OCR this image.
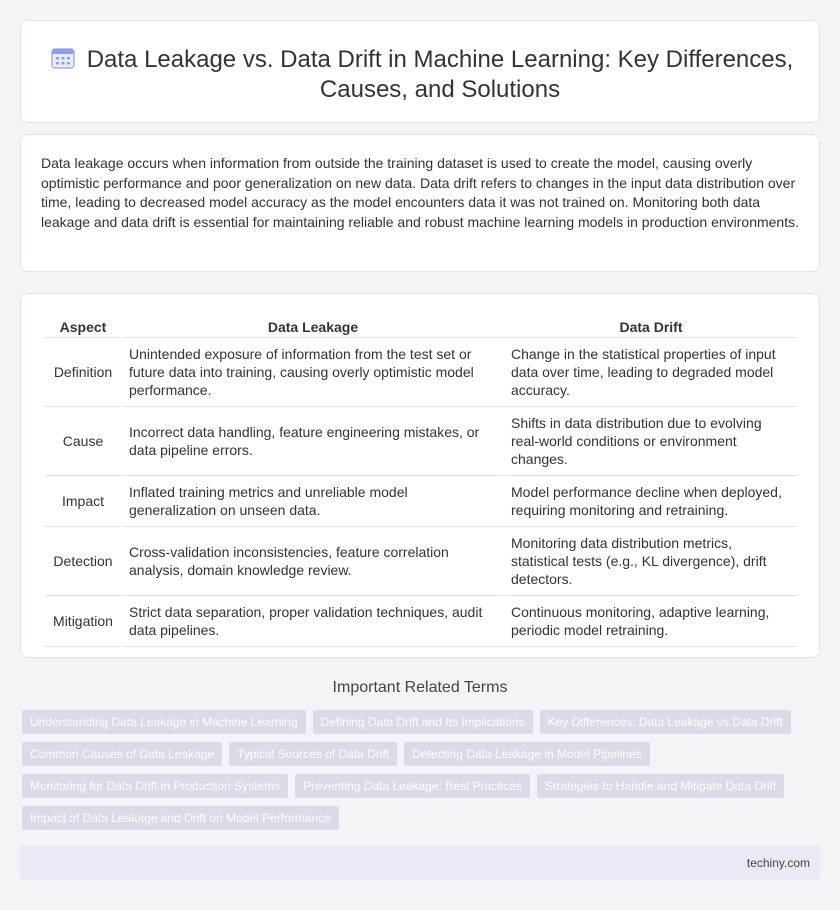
Data Leakage vs. Data Drift in Machine Learning: Key Differences, Causes, and Solutions

Data leakage occurs when information from outside the training dataset is used to create the model, causing overly optimistic performance and poor generalization on new data. Data drift refers to changes in the input data distribution over time, leading to decreased model accuracy as the model encounters data it was not trained on. Monitoring both data leakage and data drift is essential for maintaining reliable and robust machine learning models in production environments.

Aspect	Data Leakage	Data Drift
Definition	Unintended exposure of information from the test set or future data into training, causing overly optimistic model performance.	Change in the statistical properties of input data over time, leading to degraded model accuracy.
Cause	Incorrect data handling, feature engineering mistakes, or data pipeline errors.	Shifts in data distribution due to evolving real-world conditions or environment changes.
Impact	Inflated training metrics and unreliable model generalization on unseen data.	Model performance decline when deployed, requiring monitoring and retraining.
Detection	Cross-validation inconsistencies, feature correlation analysis, domain knowledge review.	Monitoring data distribution metrics, statistical tests (e.g., KL divergence), drift detectors.
Mitigation	Strict data separation, proper validation techniques, audit data pipelines.	Continuous monitoring, adaptive learning, periodic model retraining.
Important Related Terms
Understanding Data Leakage in Machine Learning	Defining Data Drift and Its Implications	Key Differences: Data Leakage vs Data Drift
Common Causes of Data Leakage	Typical Sources of Data Drift	Detecting Data Leakage in Model Pipelines
Monitoring for Data Drift in Production Systems	Preventing Data Leakage: Best Practices	Strategies to Handle and Mitigate Data Drift
Impact of Data Leakage and Drift on Model Performance
techiny.com
